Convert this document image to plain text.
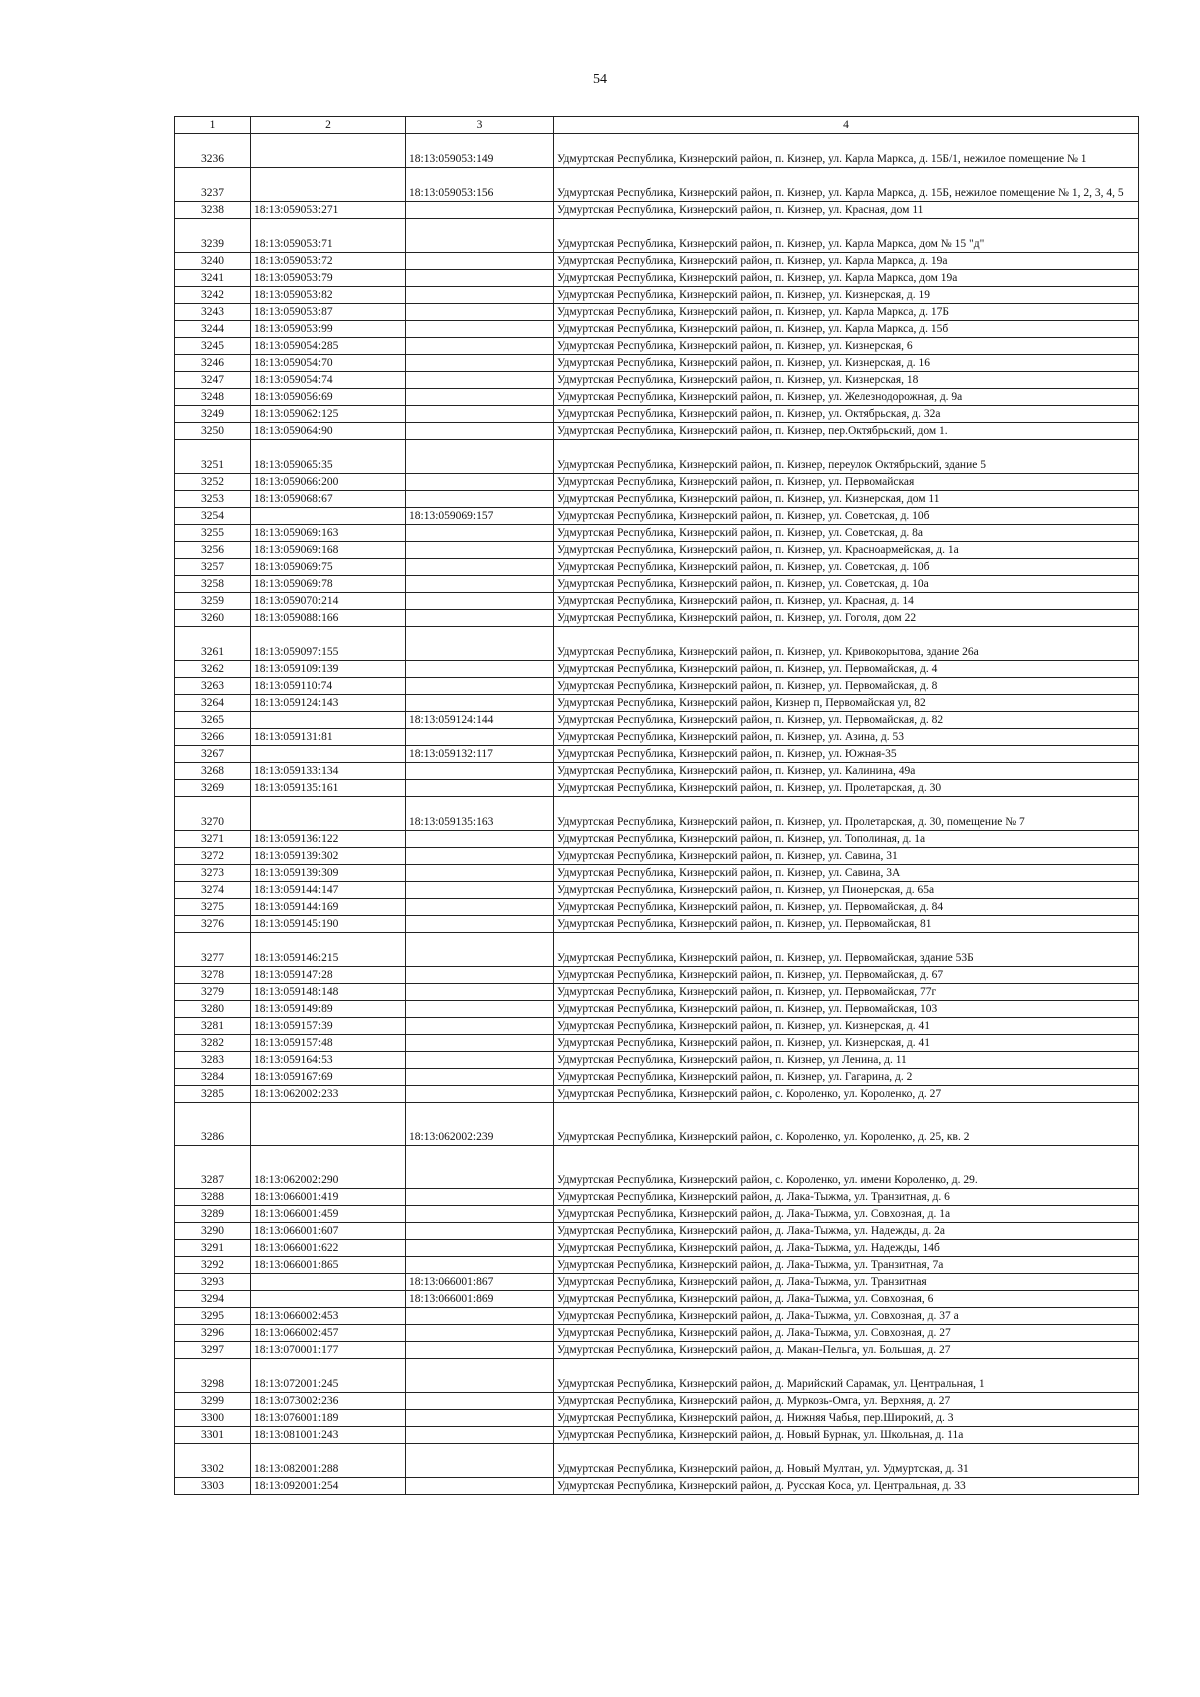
54
1	2	3	4
3236		18:13:059053:149	Удмуртская Республика, Кизнерский район, п. Кизнер, ул. Карла Маркса, д. 15Б/1, нежилое помещение № 1
3237		18:13:059053:156	Удмуртская Республика, Кизнерский район, п. Кизнер, ул. Карла Маркса, д. 15Б, нежилое помещение № 1, 2, 3, 4, 5
3238	18:13:059053:271		Удмуртская Республика, Кизнерский район, п. Кизнер, ул. Красная, дом 11
3239	18:13:059053:71		Удмуртская Республика, Кизнерский район, п. Кизнер, ул. Карла Маркса, дом № 15 "д"
3240	18:13:059053:72		Удмуртская Республика, Кизнерский район, п. Кизнер, ул. Карла Маркса, д. 19а
3241	18:13:059053:79		Удмуртская Республика, Кизнерский район, п. Кизнер, ул. Карла Маркса, дом 19а
3242	18:13:059053:82		Удмуртская Республика, Кизнерский район, п. Кизнер, ул. Кизнерская, д. 19
3243	18:13:059053:87		Удмуртская Республика, Кизнерский район, п. Кизнер, ул. Карла Маркса, д. 17Б
3244	18:13:059053:99		Удмуртская Республика, Кизнерский район, п. Кизнер, ул. Карла Маркса, д. 15б
3245	18:13:059054:285		Удмуртская Республика, Кизнерский район, п. Кизнер, ул. Кизнерская, 6
3246	18:13:059054:70		Удмуртская Республика, Кизнерский район, п. Кизнер, ул. Кизнерская, д. 16
3247	18:13:059054:74		Удмуртская Республика, Кизнерский район, п. Кизнер, ул. Кизнерская, 18
3248	18:13:059056:69		Удмуртская Республика, Кизнерский район, п. Кизнер, ул. Железнодорожная, д. 9а
3249	18:13:059062:125		Удмуртская Республика, Кизнерский район, п. Кизнер, ул. Октябрьская, д. 32а
3250	18:13:059064:90		Удмуртская Республика, Кизнерский район, п. Кизнер, пер.Октябрьский, дом 1.
3251	18:13:059065:35		Удмуртская Республика, Кизнерский район, п. Кизнер, переулок Октябрьский, здание 5
3252	18:13:059066:200		Удмуртская Республика, Кизнерский район, п. Кизнер, ул. Первомайская
3253	18:13:059068:67		Удмуртская Республика, Кизнерский район, п. Кизнер, ул. Кизнерская, дом 11
3254		18:13:059069:157	Удмуртская Республика, Кизнерский район, п. Кизнер, ул. Советская, д. 10б
3255	18:13:059069:163		Удмуртская Республика, Кизнерский район, п. Кизнер, ул. Советская, д. 8а
3256	18:13:059069:168		Удмуртская Республика, Кизнерский район, п. Кизнер, ул. Красноармейская, д. 1а
3257	18:13:059069:75		Удмуртская Республика, Кизнерский район, п. Кизнер, ул. Советская, д. 10б
3258	18:13:059069:78		Удмуртская Республика, Кизнерский район, п. Кизнер, ул. Советская, д. 10а
3259	18:13:059070:214		Удмуртская Республика, Кизнерский район, п. Кизнер, ул. Красная, д. 14
3260	18:13:059088:166		Удмуртская Республика, Кизнерский район, п. Кизнер, ул. Гоголя, дом 22
3261	18:13:059097:155		Удмуртская Республика, Кизнерский район, п. Кизнер, ул. Кривокорытова, здание 26а
3262	18:13:059109:139		Удмуртская Республика, Кизнерский район, п. Кизнер, ул. Первомайская, д. 4
3263	18:13:059110:74		Удмуртская Республика, Кизнерский район, п. Кизнер, ул. Первомайская, д. 8
3264	18:13:059124:143		Удмуртская Республика, Кизнерский район, Кизнер п, Первомайская ул, 82
3265		18:13:059124:144	Удмуртская Республика, Кизнерский район, п. Кизнер, ул. Первомайская, д. 82
3266	18:13:059131:81		Удмуртская Республика, Кизнерский район, п. Кизнер, ул. Азина, д. 53
3267		18:13:059132:117	Удмуртская Республика, Кизнерский район, п. Кизнер, ул. Южная-35
3268	18:13:059133:134		Удмуртская Республика, Кизнерский район, п. Кизнер, ул. Калинина, 49а
3269	18:13:059135:161		Удмуртская Республика, Кизнерский район, п. Кизнер, ул. Пролетарская, д. 30
3270		18:13:059135:163	Удмуртская Республика, Кизнерский район, п. Кизнер, ул. Пролетарская, д. 30, помещение № 7
3271	18:13:059136:122		Удмуртская Республика, Кизнерский район, п. Кизнер, ул. Тополиная, д. 1а
3272	18:13:059139:302		Удмуртская Республика, Кизнерский район, п. Кизнер, ул. Савина, 31
3273	18:13:059139:309		Удмуртская Республика, Кизнерский район, п. Кизнер, ул. Савина, 3А
3274	18:13:059144:147		Удмуртская Республика, Кизнерский район, п. Кизнер, ул Пионерская, д. 65а
3275	18:13:059144:169		Удмуртская Республика, Кизнерский район, п. Кизнер, ул. Первомайская, д. 84
3276	18:13:059145:190		Удмуртская Республика, Кизнерский район, п. Кизнер, ул. Первомайская, 81
3277	18:13:059146:215		Удмуртская Республика, Кизнерский район, п. Кизнер, ул. Первомайская, здание 53Б
3278	18:13:059147:28		Удмуртская Республика, Кизнерский район, п. Кизнер, ул. Первомайская, д. 67
3279	18:13:059148:148		Удмуртская Республика, Кизнерский район, п. Кизнер, ул. Первомайская, 77г
3280	18:13:059149:89		Удмуртская Республика, Кизнерский район, п. Кизнер, ул. Первомайская, 103
3281	18:13:059157:39		Удмуртская Республика, Кизнерский район, п. Кизнер, ул. Кизнерская, д. 41
3282	18:13:059157:48		Удмуртская Республика, Кизнерский район, п. Кизнер, ул. Кизнерская, д. 41
3283	18:13:059164:53		Удмуртская Республика, Кизнерский район, п. Кизнер, ул Ленина, д. 11
3284	18:13:059167:69		Удмуртская Республика, Кизнерский район, п. Кизнер, ул. Гагарина, д. 2
3285	18:13:062002:233		Удмуртская Республика, Кизнерский район, с. Короленко, ул. Короленко, д. 27
3286		18:13:062002:239	Удмуртская Республика, Кизнерский район, с. Короленко, ул. Короленко, д. 25, кв. 2
3287	18:13:062002:290		Удмуртская Республика, Кизнерский район, с. Короленко, ул. имени Короленко, д. 29.
3288	18:13:066001:419		Удмуртская Республика, Кизнерский район, д. Лака-Тыжма, ул. Транзитная, д. 6
3289	18:13:066001:459		Удмуртская Республика, Кизнерский район, д. Лака-Тыжма, ул. Совхозная, д. 1а
3290	18:13:066001:607		Удмуртская Республика, Кизнерский район, д. Лака-Тыжма, ул. Надежды, д. 2а
3291	18:13:066001:622		Удмуртская Республика, Кизнерский район, д. Лака-Тыжма, ул. Надежды, 14б
3292	18:13:066001:865		Удмуртская Республика, Кизнерский район, д. Лака-Тыжма, ул. Транзитная, 7а
3293		18:13:066001:867	Удмуртская Республика, Кизнерский район, д. Лака-Тыжма, ул. Транзитная
3294		18:13:066001:869	Удмуртская Республика, Кизнерский район, д. Лака-Тыжма, ул. Совхозная, 6
3295	18:13:066002:453		Удмуртская Республика, Кизнерский район, д. Лака-Тыжма, ул. Совхозная, д. 37 а
3296	18:13:066002:457		Удмуртская Республика, Кизнерский район, д. Лака-Тыжма, ул. Совхозная, д. 27
3297	18:13:070001:177		Удмуртская Республика, Кизнерский район, д. Макан-Пельга, ул. Большая, д. 27
3298	18:13:072001:245		Удмуртская Республика, Кизнерский район, д. Марийский Сарамак, ул. Центральная, 1
3299	18:13:073002:236		Удмуртская Республика, Кизнерский район, д. Муркозь-Омга, ул. Верхняя, д. 27
3300	18:13:076001:189		Удмуртская Республика, Кизнерский район, д. Нижняя Чабья, пер.Широкий, д. 3
3301	18:13:081001:243		Удмуртская Республика, Кизнерский район, д. Новый Бурнак, ул. Школьная, д. 11а
3302	18:13:082001:288		Удмуртская Республика, Кизнерский район, д. Новый Мултан, ул. Удмуртская, д. 31
3303	18:13:092001:254		Удмуртская Республика, Кизнерский район, д. Русская Коса, ул. Центральная, д. 33
